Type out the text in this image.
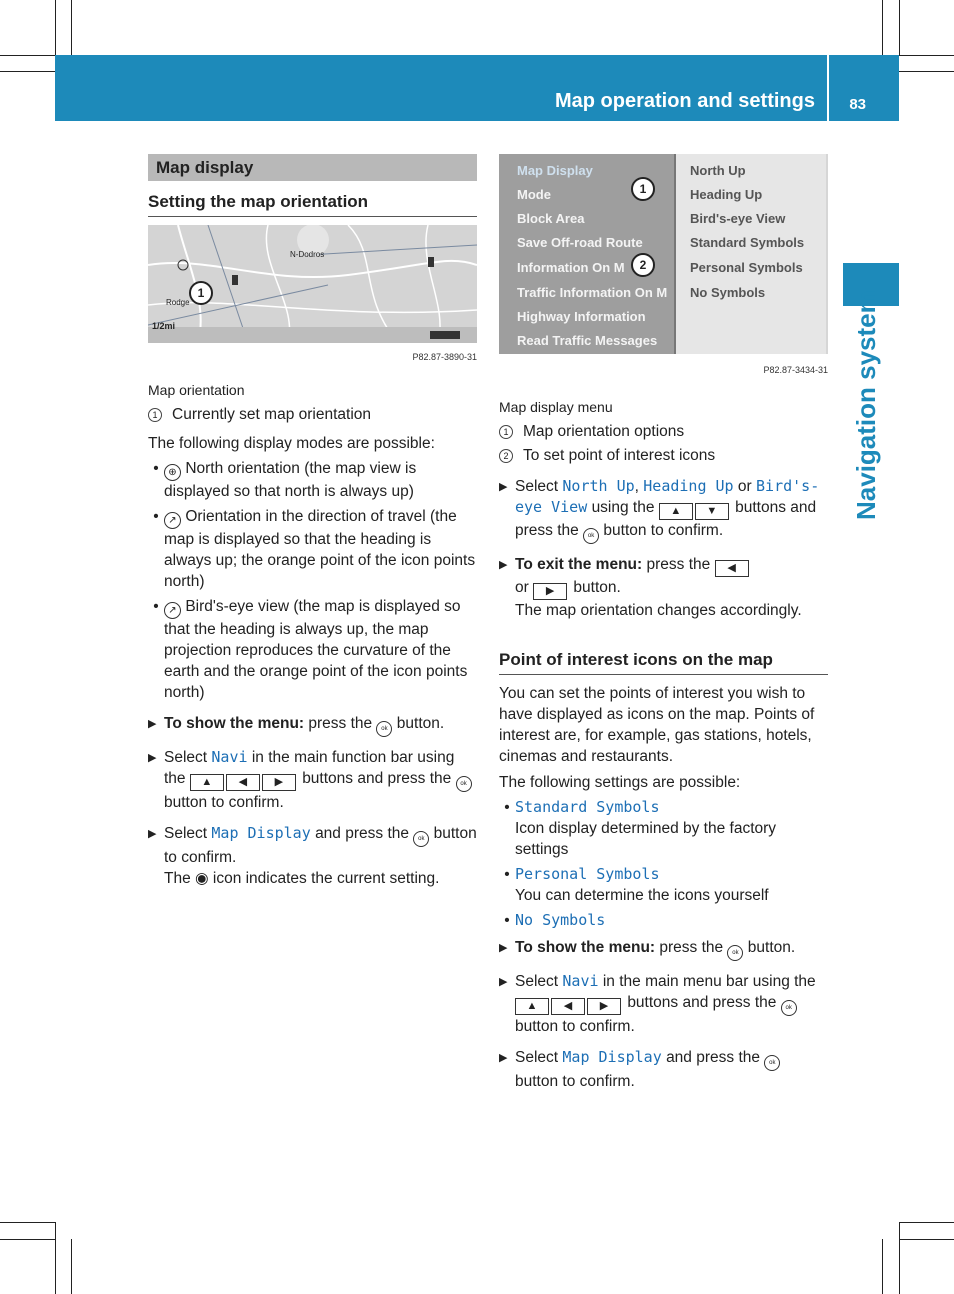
Map operation and settings 83
Navigation system
Map display
Setting the map orientation
N-Dodros
Rodge
1/2mi
1
P82.87-3890-31
Map orientation
1 Currently set map orientation

The following display modes are possible:

• ⊕ North orientation (the map view is displayed so that north is always up)
• ↗ Orientation in the direction of travel (the map is displayed so that the heading is always up; the orange point of the icon points north)
• ↗ Bird's-eye view (the map is displayed so that the heading is always up, the map projection reproduces the curvature of the earth and the orange point of the icon points north)
▶
To show the menu: press the ok button.
▶
Select Navi in the main function bar using the ▲ ◀	▶ buttons and press the ok button to confirm.
▶
Select Map Display and press the ok button to confirm.
The ◉ icon indicates the current setting.
Map Display
Mode
Block Area
Save Off-road Route
Information On M
Traffic Information On M
Highway Information
Read Traffic Messages
North Up
Heading Up
Bird's-eye View
Standard Symbols
Personal Symbols
No Symbols
1
2
P82.87-3434-31
Map display menu
1 Map orientation options
2 To set point of interest icons
▶
Select North Up, Heading Up or Bird's-eye View using the ▲ ▼ buttons and press the ok button to confirm.
▶
To exit the menu: press the ◀
or ▶ button.
The map orientation changes accordingly.
Point of interest icons on the map

You can set the points of interest you wish to have displayed as icons on the map. Points of interest are, for example, gas stations, hotels, cinemas and restaurants.

The following settings are possible:

• Standard Symbols
Icon display determined by the factory settings
• Personal Symbols
You can determine the icons yourself
• No Symbols
▶
To show the menu: press the ok button.
▶
Select Navi in the main menu bar using the
▲ ◀	▶ buttons and press the ok
button to confirm.
▶
Select Map Display and press the ok
button to confirm.
